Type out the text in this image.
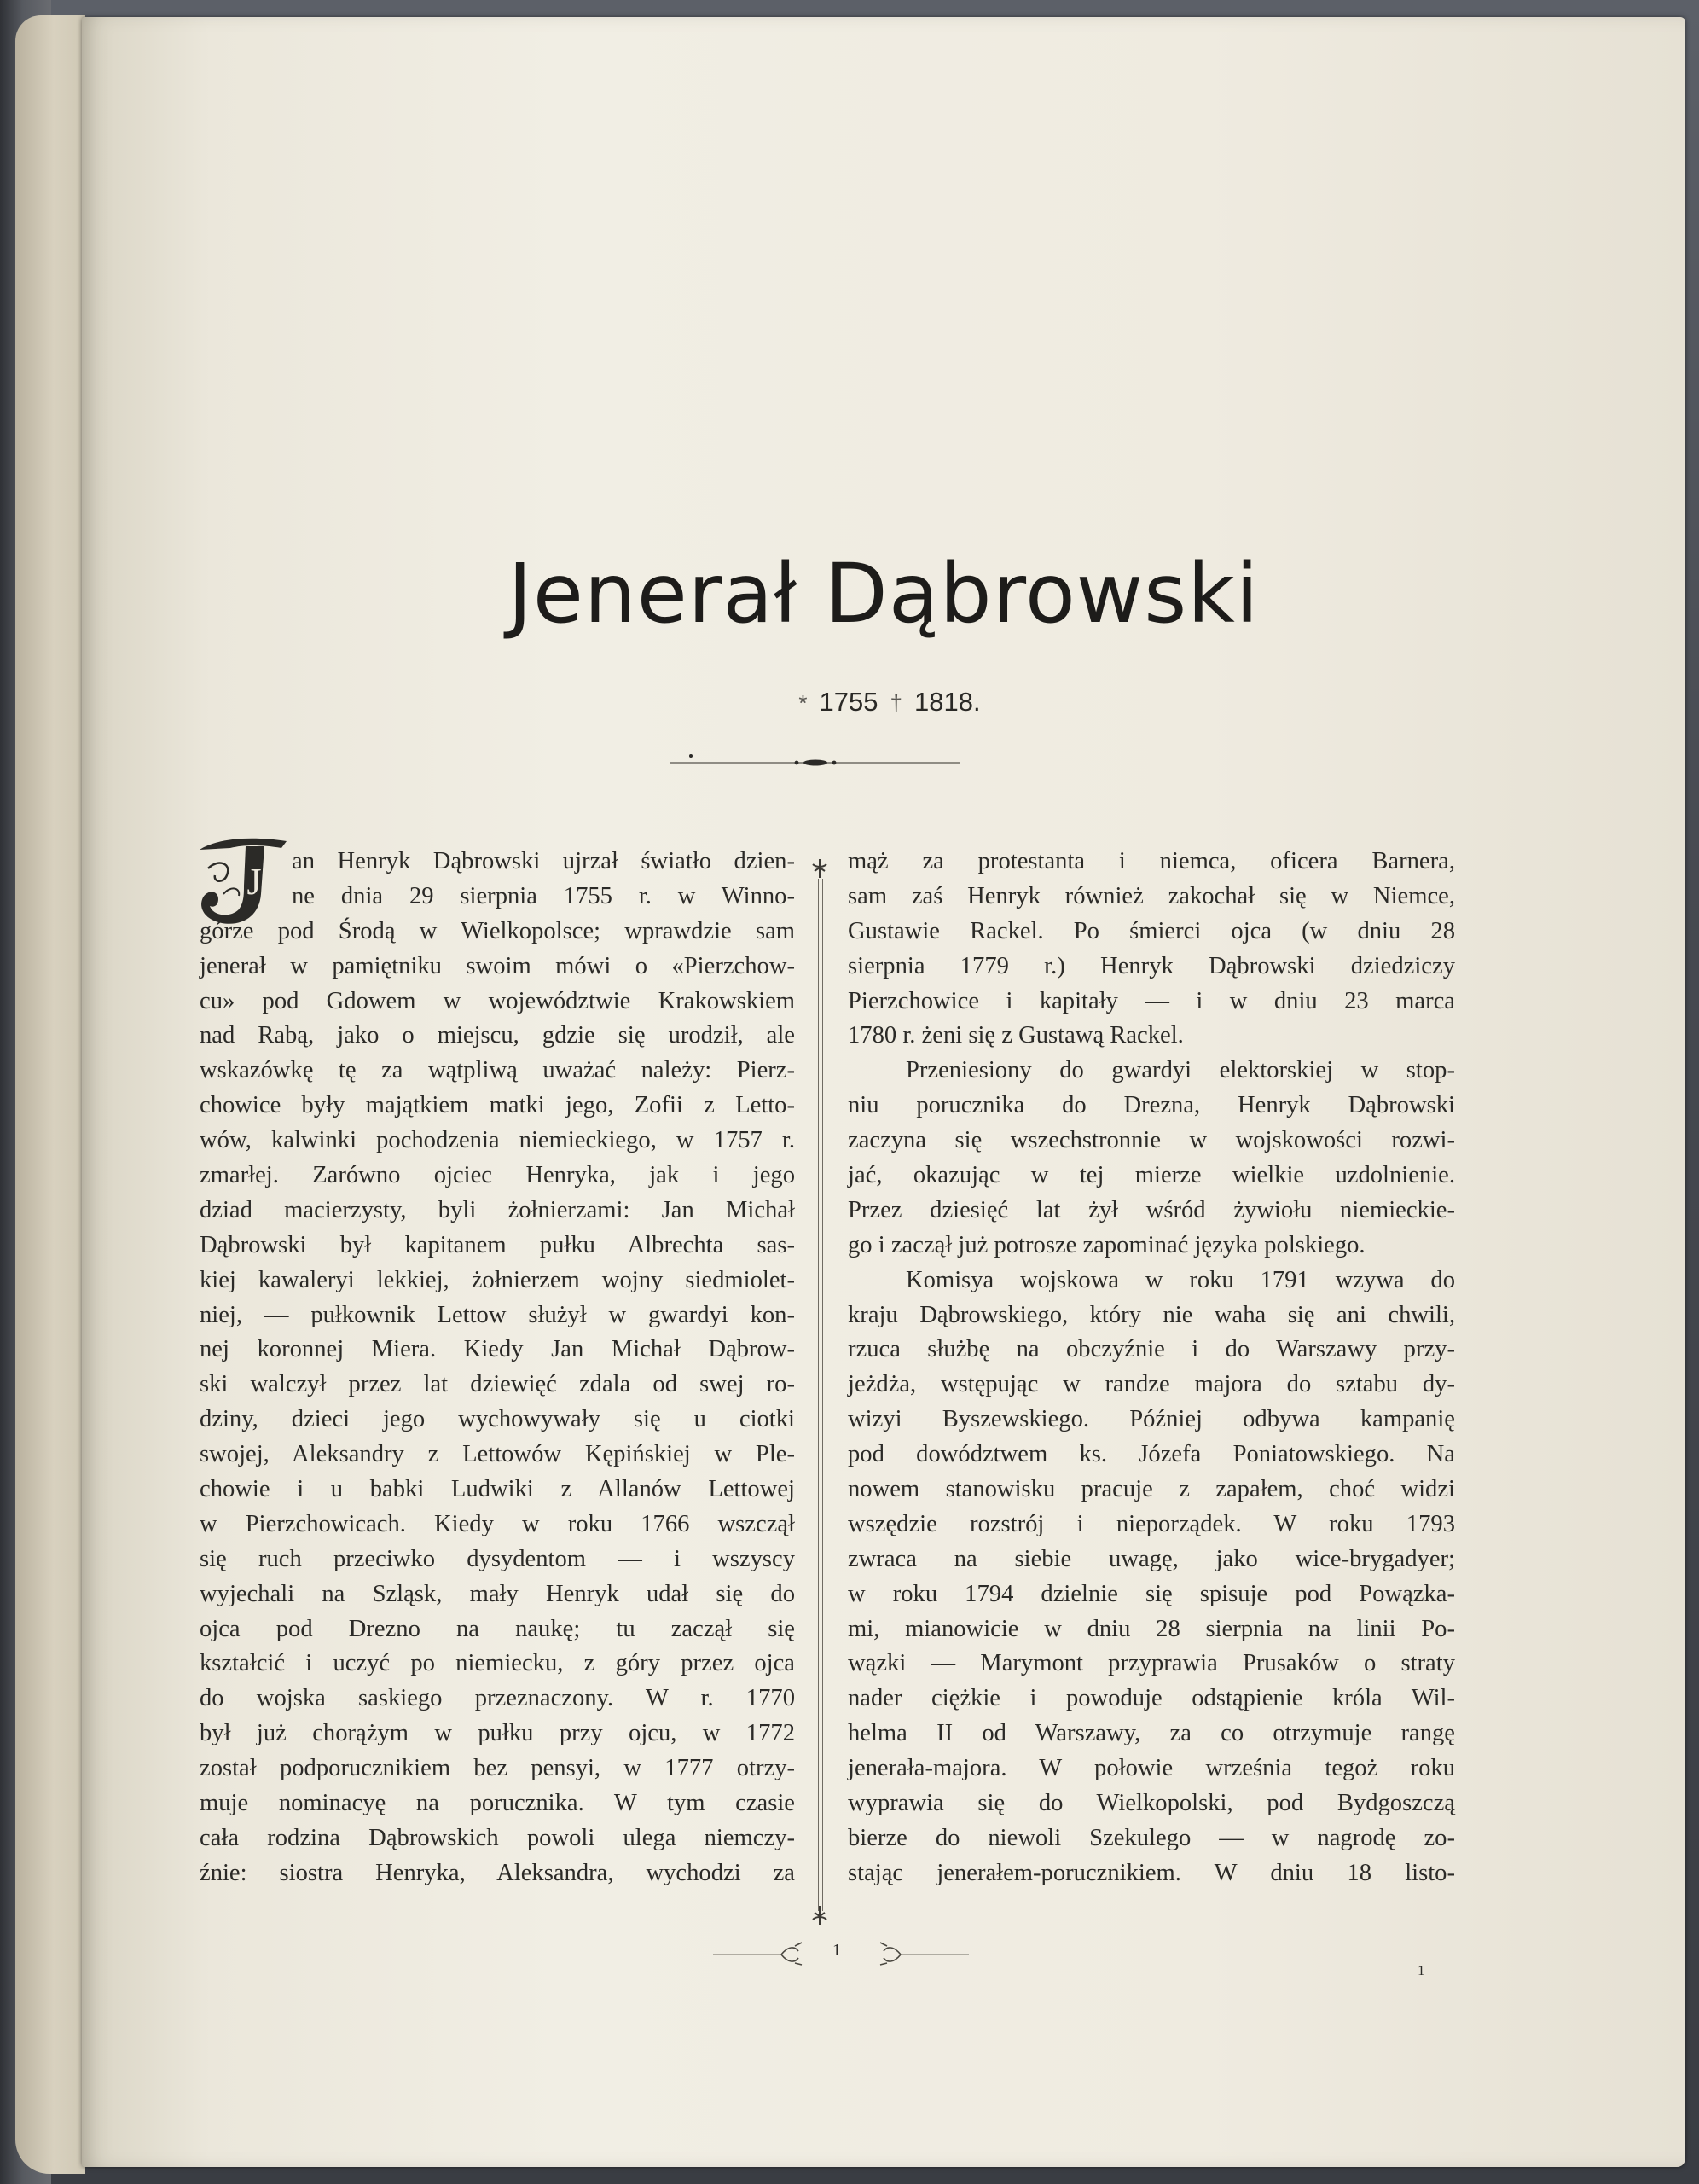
Jenerał Dąbrowski
* 1755 † 1818.
J	an Henryk Dąbrowski ujrzał światło dzien-
ne dnia 29 sierpnia 1755 r. w Winno-
górze pod Środą w Wielkopolsce; wprawdzie sam
jenerał w pamiętniku swoim mówi o «Pierzchow-
cu» pod Gdowem w województwie Krakowskiem
nad Rabą, jako o miejscu, gdzie się urodził, ale
wskazówkę tę za wątpliwą uważać należy: Pierz-
chowice były majątkiem matki jego, Zofii z Letto-
wów, kalwinki pochodzenia niemieckiego, w 1757 r.
zmarłej. Zarówno ojciec Henryka, jak i jego
dziad macierzysty, byli żołnierzami: Jan Michał
Dąbrowski był kapitanem pułku Albrechta sas-
kiej kawaleryi lekkiej, żołnierzem wojny siedmiolet-
niej, — pułkownik Lettow służył w gwardyi kon-
nej koronnej Miera. Kiedy Jan Michał Dąbrow-
ski walczył przez lat dziewięć zdala od swej ro-
dziny, dzieci jego wychowywały się u ciotki
swojej, Aleksandry z Lettowów Kępińskiej w Ple-
chowie i u babki Ludwiki z Allanów Lettowej
w Pierzchowicach. Kiedy w roku 1766 wszczął
się ruch przeciwko dysydentom — i wszyscy
wyjechali na Szląsk, mały Henryk udał się do
ojca pod Drezno na naukę; tu zaczął się
kształcić i uczyć po niemiecku, z góry przez ojca
do wojska saskiego przeznaczony. W r. 1770
był już chorążym w pułku przy ojcu, w 1772
został podporucznikiem bez pensyi, w 1777 otrzy-
muje nominacyę na porucznika. W tym czasie
cała rodzina Dąbrowskich powoli ulega niemczy-
źnie: siostra Henryka, Aleksandra, wychodzi za
mąż za protestanta i niemca, oficera Barnera,
sam zaś Henryk również zakochał się w Niemce,
Gustawie Rackel. Po śmierci ojca (w dniu 28
sierpnia 1779 r.) Henryk Dąbrowski dziedziczy
Pierzchowice i kapitały — i w dniu 23 marca
1780 r. żeni się z Gustawą Rackel.
Przeniesiony do gwardyi elektorskiej w stop-
niu porucznika do Drezna, Henryk Dąbrowski
zaczyna się wszechstronnie w wojskowości rozwi-
jać, okazując w tej mierze wielkie uzdolnienie.
Przez dziesięć lat żył wśród żywiołu niemieckie-
go i zaczął już potrosze zapominać języka polskiego.
Komisya wojskowa w roku 1791 wzywa do
kraju Dąbrowskiego, który nie waha się ani chwili,
rzuca służbę na obczyźnie i do Warszawy przy-
jeżdża, wstępując w randze majora do sztabu dy-
wizyi Byszewskiego. Później odbywa kampanię
pod dowództwem ks. Józefa Poniatowskiego. Na
nowem stanowisku pracuje z zapałem, choć widzi
wszędzie rozstrój i nieporządek. W roku 1793
zwraca na siebie uwagę, jako wice-brygadyer;
w roku 1794 dzielnie się spisuje pod Powązka-
mi, mianowicie w dniu 28 sierpnia na linii Po-
wązki — Marymont przyprawia Prusaków o straty
nader ciężkie i powoduje odstąpienie króla Wil-
helma II od Warszawy, za co otrzymuje rangę
jenerała-majora. W połowie września tegoż roku
wyprawia się do Wielkopolski, pod Bydgoszczą
bierze do niewoli Szekulego — w nagrodę zo-
stając jenerałem-porucznikiem. W dniu 18 listo-
1
1
